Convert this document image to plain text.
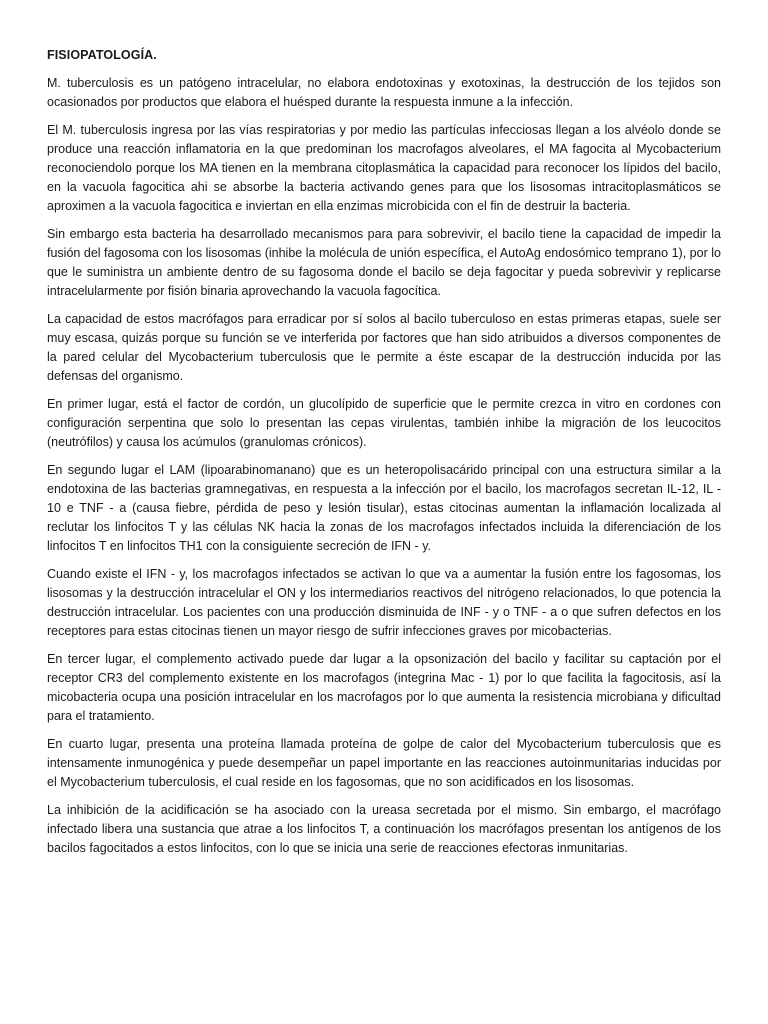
FISIOPATOLOGÍA.

M. tuberculosis es un patógeno intracelular, no elabora endotoxinas y exotoxinas, la destrucción de los tejidos son ocasionados por productos que elabora el huésped durante la respuesta inmune a la infección.

El M. tuberculosis ingresa por las vías respiratorias y por medio las partículas infecciosas llegan a los alvéolo donde se produce una reacción inflamatoria en la que predominan los macrofagos alveolares, el MA fagocita al Mycobacterium reconociendolo porque los MA tienen en la membrana citoplasmática la capacidad para reconocer los lípidos del bacilo, en la vacuola fagocitica ahi se absorbe la bacteria activando genes para que los lisosomas intracitoplasmáticos se aproximen a la vacuola fagocitica e inviertan en ella enzimas microbicida con el fin de destruir la bacteria.

Sin embargo esta bacteria ha desarrollado mecanismos para para sobrevivir, el bacilo tiene la capacidad de impedir la fusión del fagosoma con los lisosomas (inhibe la molécula de unión específica, el AutoAg endosómico temprano 1), por lo que le suministra un ambiente dentro de su fagosoma donde el bacilo se deja fagocitar y pueda sobrevivir y replicarse intracelularmente por fisión binaria aprovechando la vacuola fagocítica.

La capacidad de estos macrófagos para erradicar por sí solos al bacilo tuberculoso en estas primeras etapas, suele ser muy escasa, quizás porque su función se ve interferida por factores que han sido atribuidos a diversos componentes de la pared celular del Mycobacterium tuberculosis que le permite a éste escapar de la destrucción inducida por las defensas del organismo.

En primer lugar, está el factor de cordón, un glucolípido de superficie que le permite crezca in vitro en cordones con configuración serpentina que solo lo presentan las cepas virulentas, también inhibe la migración de los leucocitos (neutrófilos) y causa los acúmulos (granulomas crónicos).

En segundo lugar el LAM (lipoarabinomanano) que es un heteropolisacárido principal con una estructura similar a la endotoxina de las bacterias gramnegativas, en respuesta a la infección por el bacilo, los macrofagos secretan IL-12, IL - 10 e TNF - a (causa fiebre, pérdida de peso y lesión tisular), estas citocinas aumentan la inflamación localizada al reclutar los linfocitos T y las células NK hacia la zonas de los macrofagos infectados incluida la diferenciación de los linfocitos T en linfocitos TH1 con la consiguiente secreción de IFN - y.

Cuando existe el IFN - y, los macrofagos infectados se activan lo que va a aumentar la fusión entre los fagosomas, los lisosomas y la destrucción intracelular el ON y los intermediarios reactivos del nitrógeno relacionados, lo que potencia la destrucción intracelular. Los pacientes con una producción disminuida de INF - y o TNF - a o que sufren defectos en los receptores para estas citocinas tienen un mayor riesgo de sufrir infecciones graves por micobacterias.

En tercer lugar, el complemento activado puede dar lugar a la opsonización del bacilo y facilitar su captación por el receptor CR3 del complemento existente en los macrofagos (integrina Mac - 1) por lo que facilita la fagocitosis, así la micobacteria ocupa una posición intracelular en los macrofagos por lo que aumenta la resistencia microbiana y dificultad para el tratamiento.

En cuarto lugar, presenta una proteína llamada proteína de golpe de calor del Mycobacterium tuberculosis que es intensamente inmunogénica y puede desempeñar un papel importante en las reacciones autoinmunitarias inducidas por el Mycobacterium tuberculosis, el cual reside en los fagosomas, que no son acidificados en los lisosomas.

La inhibición de la acidificación se ha asociado con la ureasa secretada por el mismo. Sin embargo, el macrófago infectado libera una sustancia que atrae a los linfocitos T, a continuación los macrófagos presentan los antígenos de los bacilos fagocitados a estos linfocitos, con lo que se inicia una serie de reacciones efectoras inmunitarias.
